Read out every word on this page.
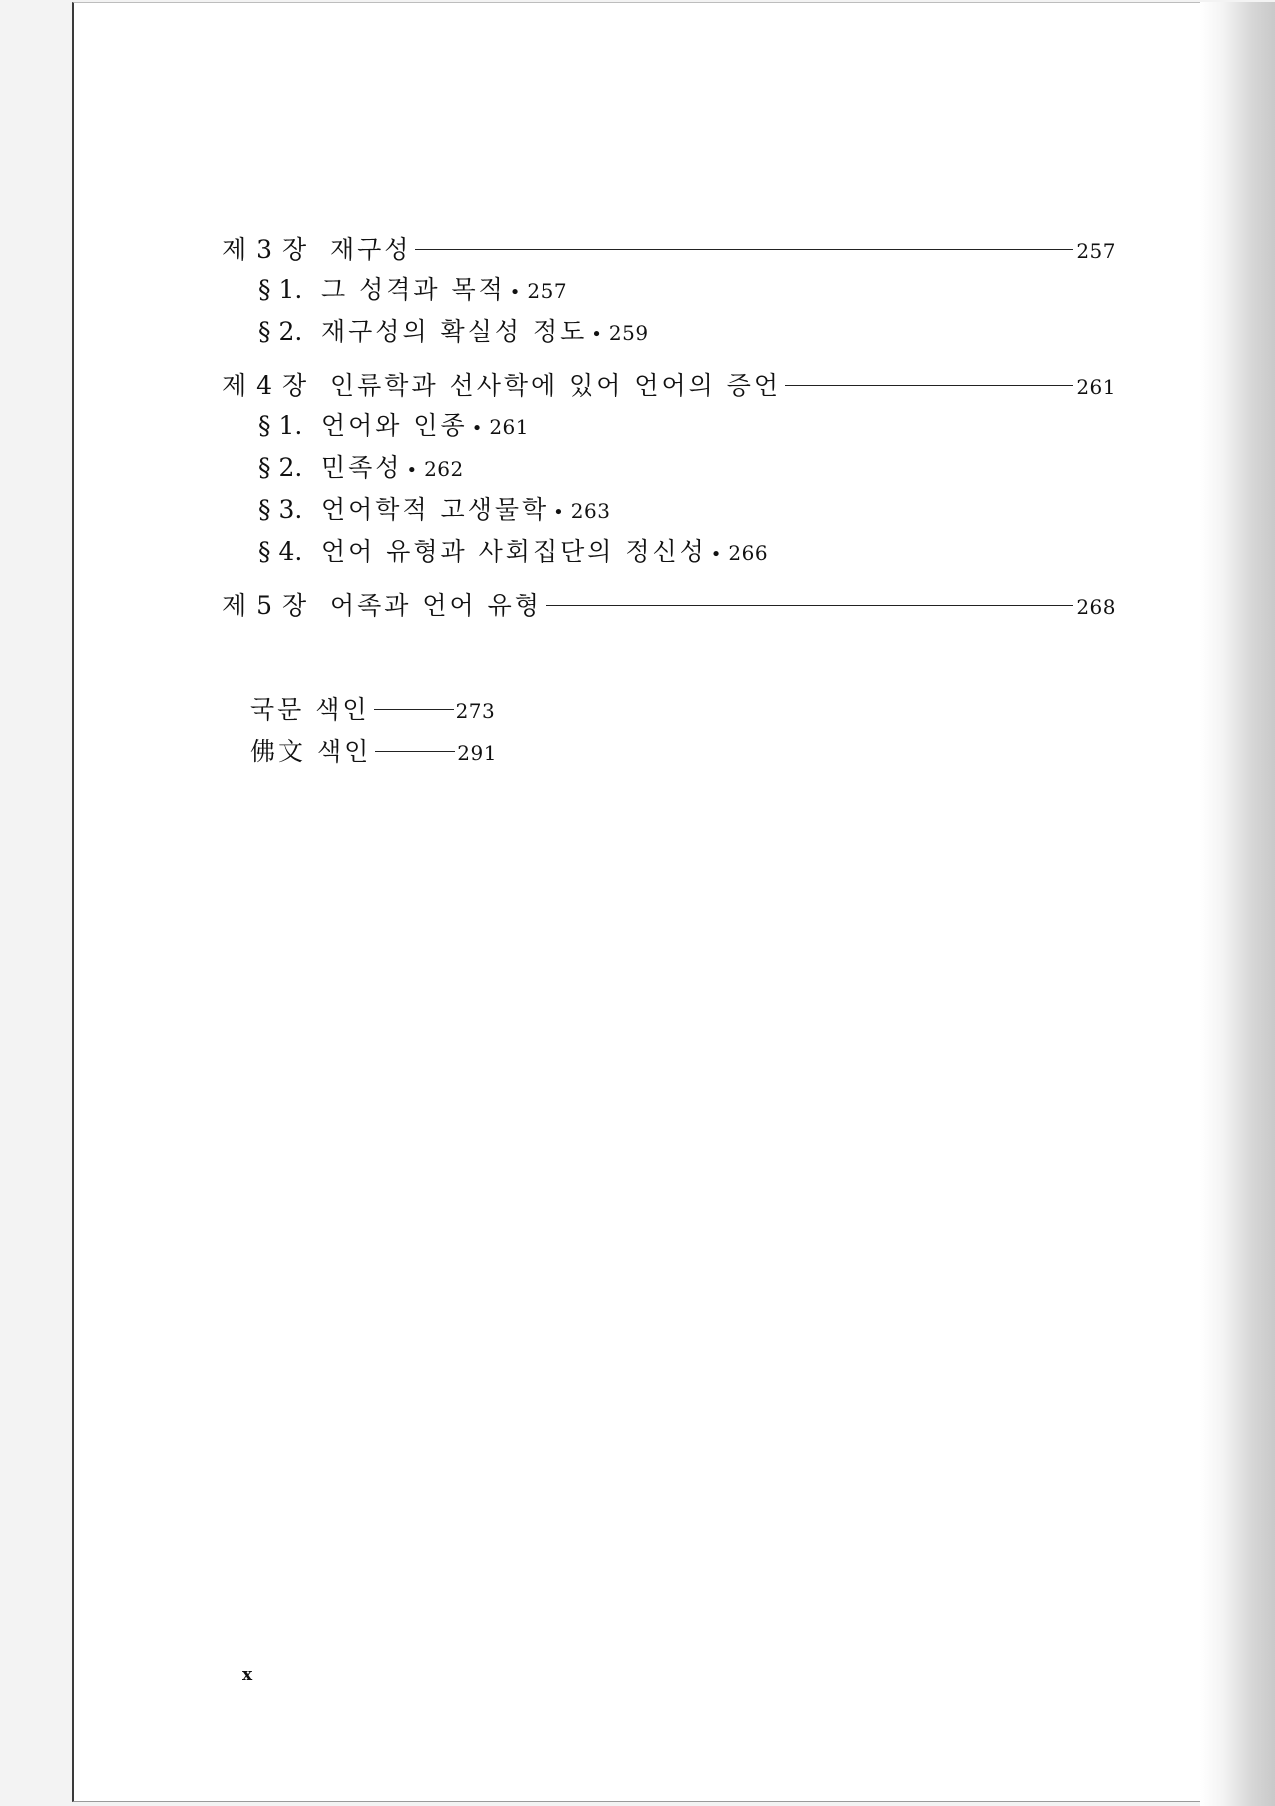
제 3 장 재구성	257
§ 1. 그 성격과 목적 • 257
§ 2. 재구성의 확실성 정도 • 259
제 4 장 인류학과 선사학에 있어 언어의 증언	261
§ 1. 언어와 인종 • 261
§ 2. 민족성 • 262
§ 3. 언어학적 고생물학 • 263
§ 4. 언어 유형과 사회집단의 정신성 • 266
제 5 장 어족과 언어 유형	268
국문 색인	273
佛文 색인	291
x
